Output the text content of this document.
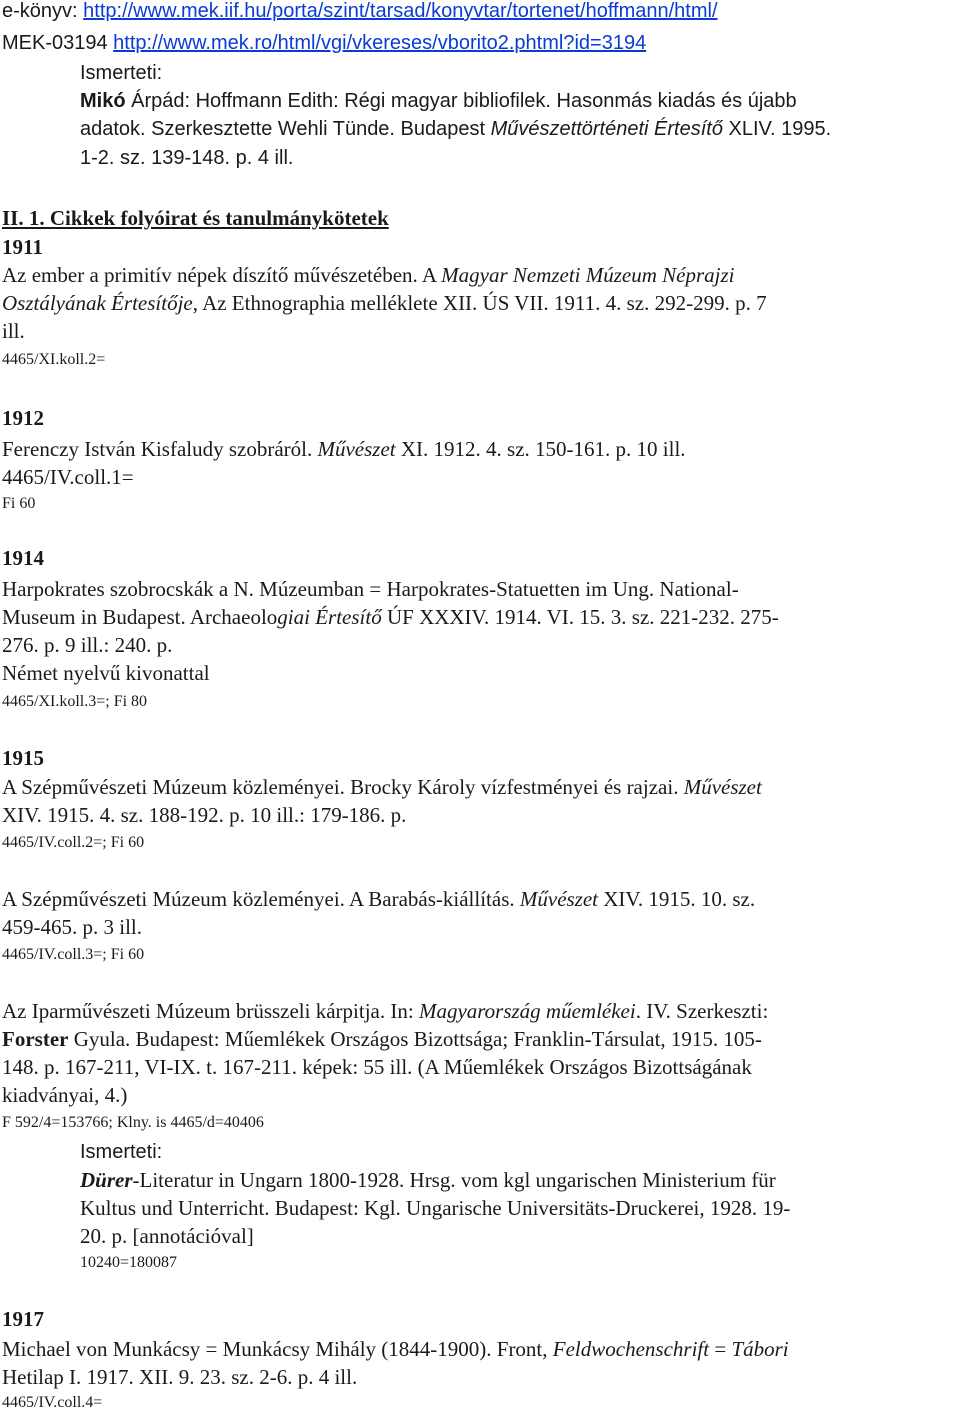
e-könyv: http://www.mek.iif.hu/porta/szint/tarsad/konyvtar/tortenet/hoffmann/html/
MEK-03194 http://www.mek.ro/html/vgi/vkereses/vborito2.phtml?id=3194
Ismerteti:
Mikó Árpád: Hoffmann Edith: Régi magyar bibliofilek. Hasonmás kiadás és újabb
adatok. Szerkesztette Wehli Tünde. Budapest Művészettörténeti Értesítő XLIV. 1995.
1-2. sz. 139-148. p. 4 ill.
II. 1. Cikkek folyóirat és tanulmánykötetek
1911
Az ember a primitív népek díszítő művészetében. A Magyar Nemzeti Múzeum Néprajzi
Osztályának Értesítője, Az Ethnographia melléklete XII. ÚS VII. 1911. 4. sz. 292-299. p. 7
ill.
4465/XI.koll.2=
1912
Ferenczy István Kisfaludy szobráról. Művészet XI. 1912. 4. sz. 150-161. p. 10 ill.
4465/IV.coll.1=
Fi 60
1914
Harpokrates szobrocskák a N. Múzeumban = Harpokrates-Statuetten im Ung. National-
Museum in Budapest. Archaeologiai Értesítő ÚF XXXIV. 1914. VI. 15. 3. sz. 221-232. 275-
276. p. 9 ill.: 240. p.
Német nyelvű kivonattal
4465/XI.koll.3=; Fi 80
1915
A Szépművészeti Múzeum közleményei. Brocky Károly vízfestményei és rajzai. Művészet
XIV. 1915. 4. sz. 188-192. p. 10 ill.: 179-186. p.
4465/IV.coll.2=; Fi 60
A Szépművészeti Múzeum közleményei. A Barabás-kiállítás. Művészet XIV. 1915. 10. sz.
459-465. p. 3 ill.
4465/IV.coll.3=; Fi 60
Az Iparművészeti Múzeum brüsszeli kárpitja. In: Magyarország műemlékei. IV. Szerkeszti:
Forster Gyula. Budapest: Műemlékek Országos Bizottsága; Franklin-Társulat, 1915. 105-
148. p. 167-211, VI-IX. t. 167-211. képek: 55 ill. (A Műemlékek Országos Bizottságának
kiadványai, 4.)
F 592/4=153766; Klny. is 4465/d=40406
Ismerteti:
Dürer-Literatur in Ungarn 1800-1928. Hrsg. vom kgl ungarischen Ministerium für
Kultus und Unterricht. Budapest: Kgl. Ungarische Universitäts-Druckerei, 1928. 19-
20. p. [annotációval]
10240=180087
1917
Michael von Munkácsy = Munkácsy Mihály (1844-1900). Front, Feldwochenschrift = Tábori
Hetilap I. 1917. XII. 9. 23. sz. 2-6. p. 4 ill.
4465/IV.coll.4=
